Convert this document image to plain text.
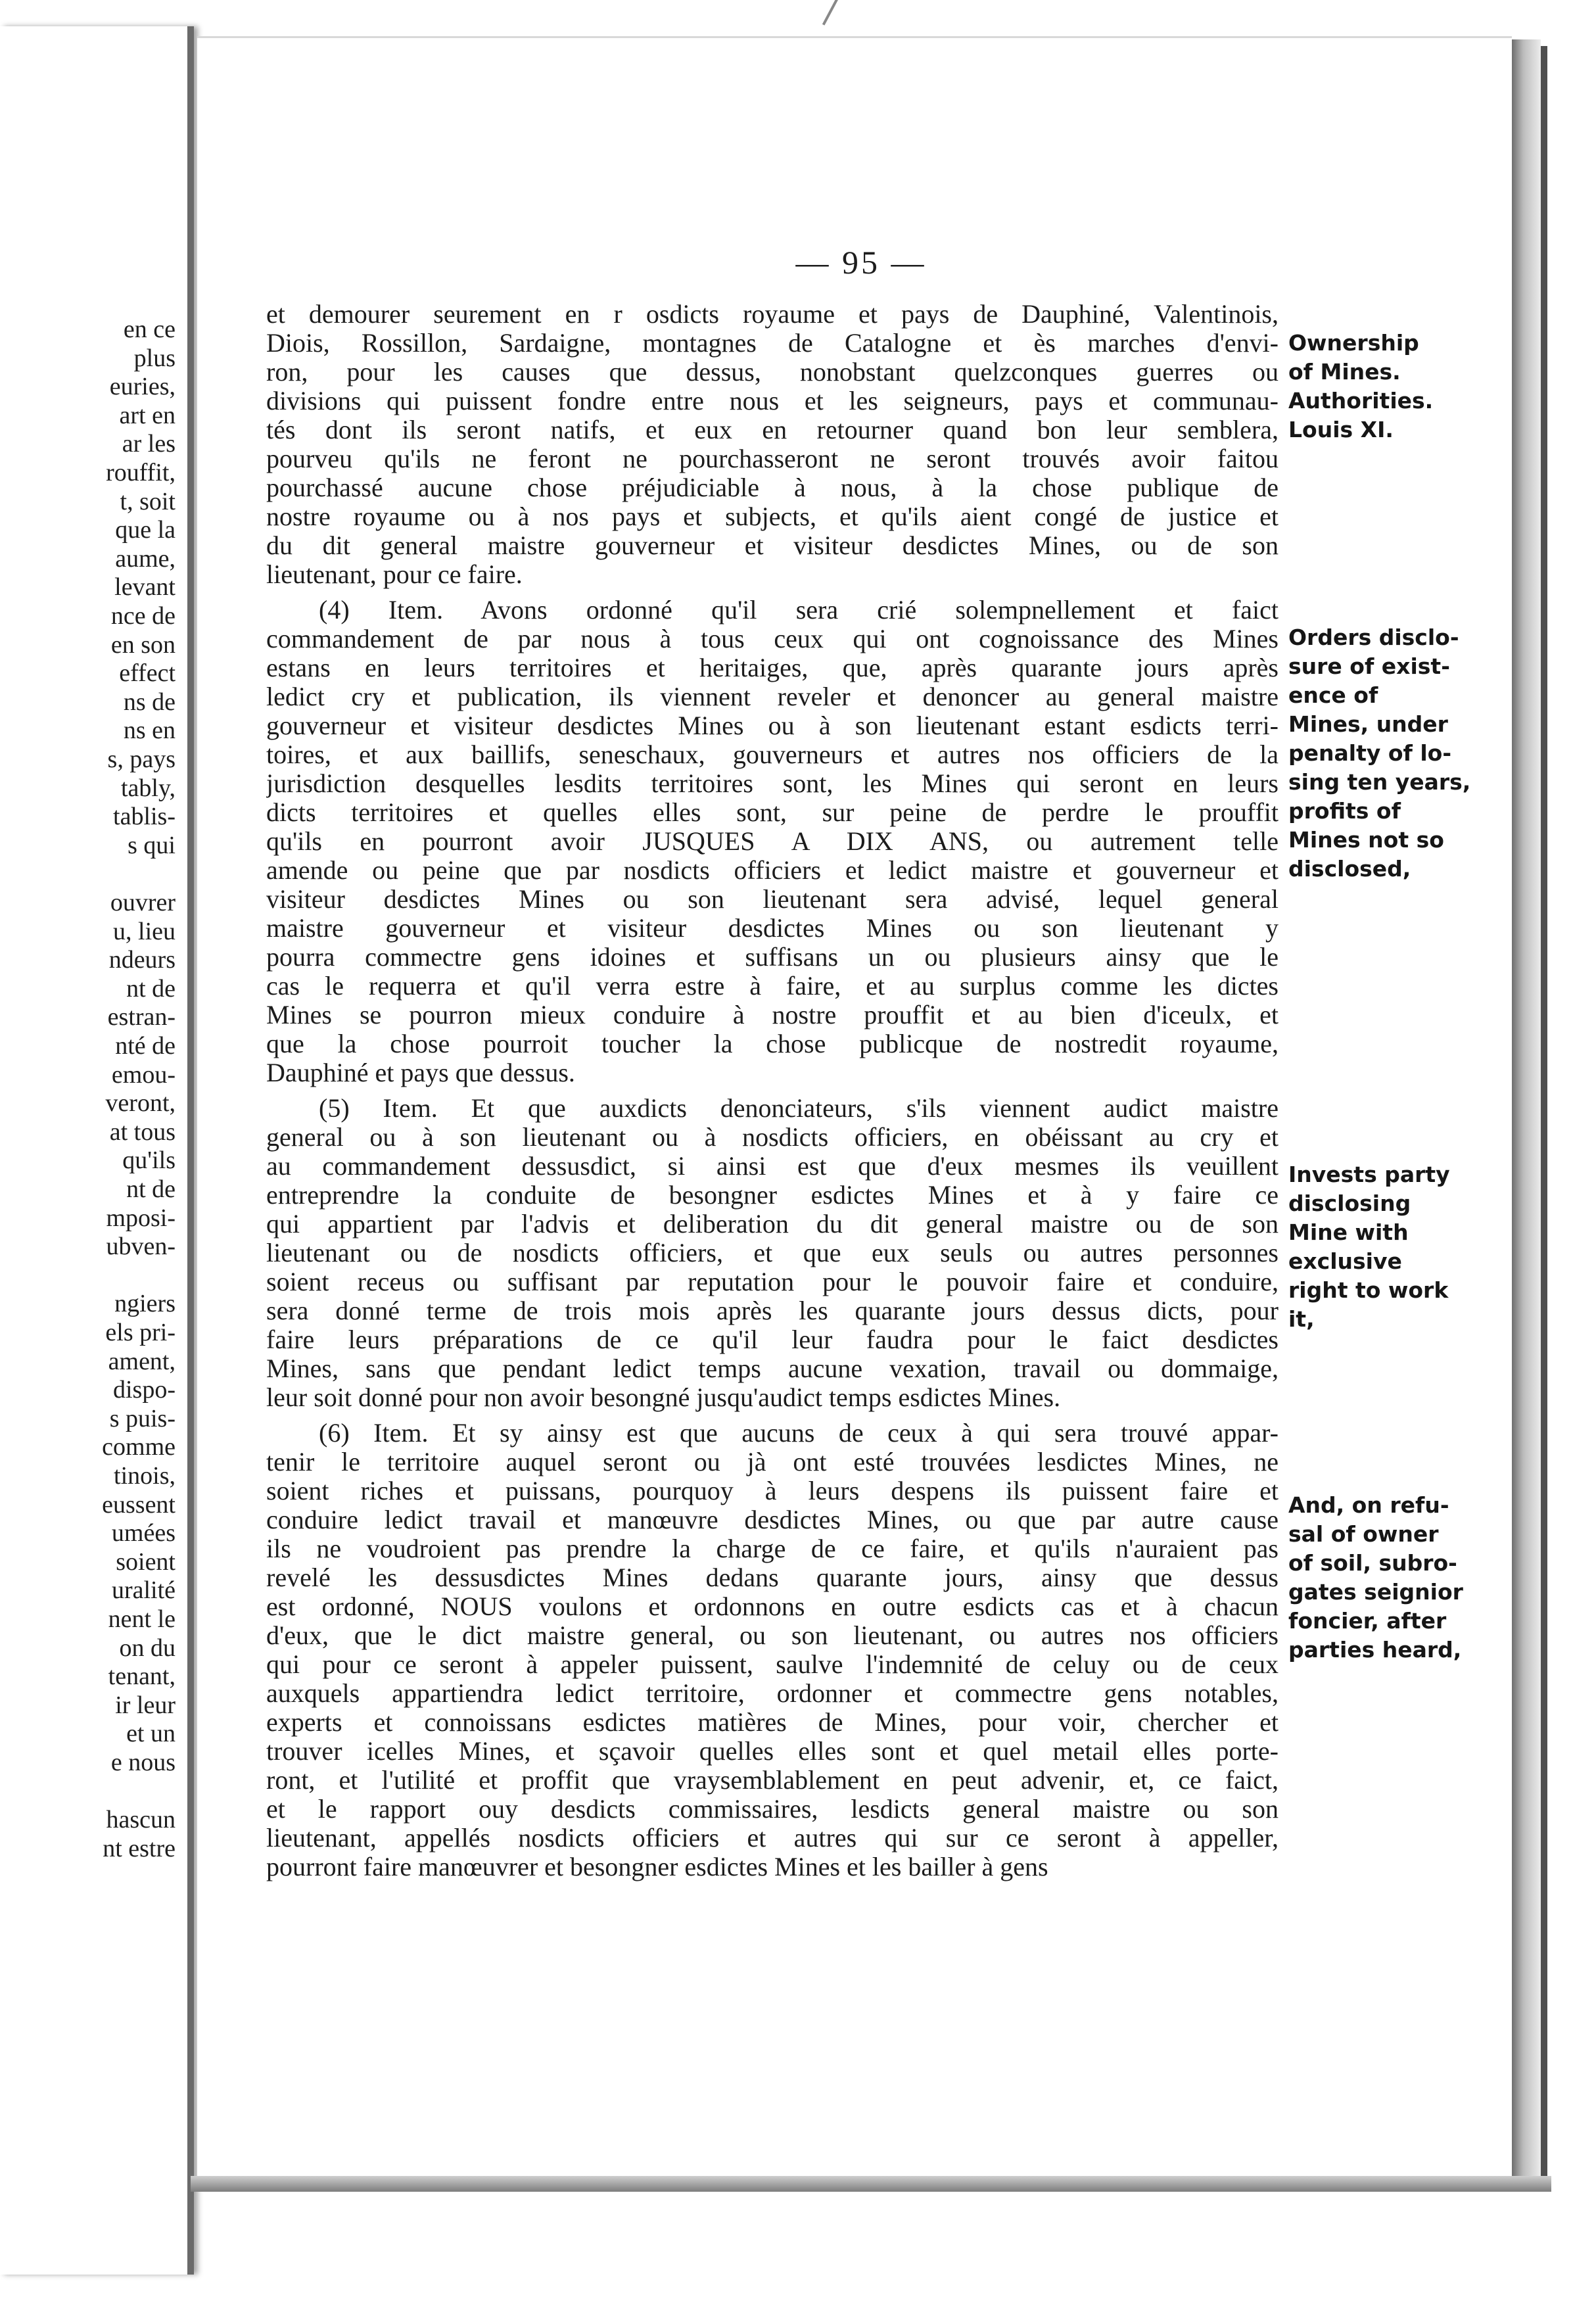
en ce
plus
euries,
art en
ar les
rouffit,
t, soit
que la
aume,
levant
nce de
en son
effect
ns de
ns en
s, pays
tably,
tablis-
s qui
ouvrer
u, lieu
ndeurs
nt de
estran-
nté de
emou-
veront,
at tous
qu'ils
nt de
mposi-
ubven-
ngiers
els pri-
ament,
dispo-
s puis-
comme
tinois,
eussent
umées
soient
uralité
nent le
on du
tenant,
ir leur
et un
e nous
hascun
nt estre
— 95 —
et demourer seurement en r osdicts royaume et pays de Dauphiné, Valentinois,
Diois, Rossillon, Sardaigne, montagnes de Catalogne et ès marches d'envi-
ron, pour les causes que dessus, nonobstant quelzconques guerres ou
divisions qui puissent fondre entre nous et les seigneurs, pays et communau-
tés dont ils seront natifs, et eux en retourner quand bon leur semblera,
pourveu qu'ils ne feront ne pourchasseront ne seront trouvés avoir faitou
pourchassé aucune chose préjudiciable à nous, à la chose publique de
nostre royaume ou à nos pays et subjects, et qu'ils aient congé de justice et
du dit general maistre gouverneur et visiteur desdictes Mines, ou de son
lieutenant, pour ce faire.
(4) Item. Avons ordonné qu'il sera crié solempnellement et faict
commandement de par nous à tous ceux qui ont cognoissance des Mines
estans en leurs territoires et heritaiges, que, après quarante jours après
ledict cry et publication, ils viennent reveler et denoncer au general maistre
gouverneur et visiteur desdictes Mines ou à son lieutenant estant esdicts terri-
toires, et aux baillifs, seneschaux, gouverneurs et autres nos officiers de la
jurisdiction desquelles lesdits territoires sont, les Mines qui seront en leurs
dicts territoires et quelles elles sont, sur peine de perdre le prouffit
qu'ils en pourront avoir JUSQUES A DIX ANS, ou autrement telle
amende ou peine que par nosdicts officiers et ledict maistre et gouverneur et
visiteur desdictes Mines ou son lieutenant sera advisé, lequel general
maistre gouverneur et visiteur desdictes Mines ou son lieutenant y
pourra commectre gens idoines et suffisans un ou plusieurs ainsy que le
cas le requerra et qu'il verra estre à faire, et au surplus comme les dictes
Mines se pourron mieux conduire à nostre prouffit et au bien d'iceulx, et
que la chose pourroit toucher la chose publicque de nostredit royaume,
Dauphiné et pays que dessus.
(5) Item. Et que auxdicts denonciateurs, s'ils viennent audict maistre
general ou à son lieutenant ou à nosdicts officiers, en obéissant au cry et
au commandement dessusdict, si ainsi est que d'eux mesmes ils veuillent
entreprendre la conduite de besongner esdictes Mines et à y faire ce
qui appartient par l'advis et deliberation du dit general maistre ou de son
lieutenant ou de nosdicts officiers, et que eux seuls ou autres personnes
soient receus ou suffisant par reputation pour le pouvoir faire et conduire,
sera donné terme de trois mois après les quarante jours dessus dicts, pour
faire leurs préparations de ce qu'il leur faudra pour le faict desdictes
Mines, sans que pendant ledict temps aucune vexation, travail ou dommaige,
leur soit donné pour non avoir besongné jusqu'audict temps esdictes Mines.
(6) Item. Et sy ainsy est que aucuns de ceux à qui sera trouvé appar-
tenir le territoire auquel seront ou jà ont esté trouvées lesdictes Mines, ne
soient riches et puissans, pourquoy à leurs despens ils puissent faire et
conduire ledict travail et manœuvre desdictes Mines, ou que par autre cause
ils ne voudroient pas prendre la charge de ce faire, et qu'ils n'auraient pas
revelé les dessusdictes Mines dedans quarante jours, ainsy que dessus
est ordonné, NOUS voulons et ordonnons en outre esdicts cas et à chacun
d'eux, que le dict maistre general, ou son lieutenant, ou autres nos officiers
qui pour ce seront à appeler puissent, saulve l'indemnité de celuy ou de ceux
auxquels appartiendra ledict territoire, ordonner et commectre gens notables,
experts et connoissans esdictes matières de Mines, pour voir, chercher et
trouver icelles Mines, et sçavoir quelles elles sont et quel metail elles porte-
ront, et l'utilité et proffit que vraysemblablement en peut advenir, et, ce faict,
et le rapport ouy desdicts commissaires, lesdicts general maistre ou son
lieutenant, appellés nosdicts officiers et autres qui sur ce seront à appeller,
pourront faire manœuvrer et besongner esdictes Mines et les bailler à gens
Ownership
of Mines.
Authorities.
Louis XI.
Orders disclo-
sure of exist-
ence of
Mines, under
penalty of lo-
sing ten years,
profits of
Mines not so
disclosed,
Invests party
disclosing
Mine with
exclusive
right to work
it,
And, on refu-
sal of owner
of soil, subro-
gates seignior
foncier, after
parties heard,
